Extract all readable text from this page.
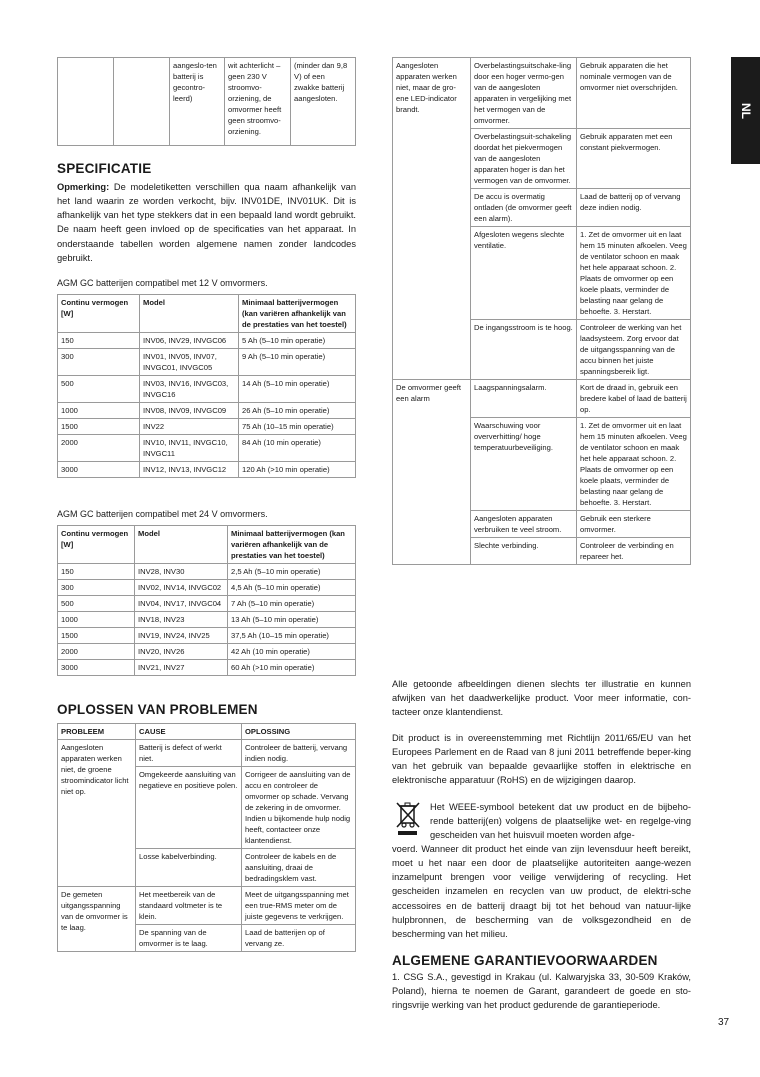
		aangeslo-ten batterij is gecontro-leerd)	wit achterlicht – geen 230 V stroomvo-orziening, de omvormer heeft geen stroomvo-orziening.	(minder dan 9,8 V) of een zwakke batterij aangesloten.
SPECIFICATIE
Opmerking: De modeletiketten verschillen qua naam afhankelijk van het land waarin ze worden verkocht, bijv. INV01DE, INV01UK. Dit is afhankelijk van het type stekkers dat in een bepaald land wordt gebruikt. De naam heeft geen invloed op de specificaties van het apparaat. In onderstaande tabellen worden algemene namen zonder landcodes gebruikt.
AGM GC batterijen compatibel met 12 V omvormers.
Continu vermogen [W]	Model	Minimaal batterijvermogen (kan variëren afhankelijk van de prestaties van het toestel)
150	INV06, INV29, INVGC06	5 Ah (5–10 min operatie)
300	INV01, INV05, INV07, INVGC01, INVGC05	9 Ah (5–10 min operatie)
500	INV03, INV16, INVGC03, INVGC16	14 Ah (5–10 min operatie)
1000	INV08, INV09, INVGC09	26 Ah (5–10 min operatie)
1500	INV22	75 Ah (10–15 min operatie)
2000	INV10, INV11, INVGC10, INVGC11	84 Ah (10 min operatie)
3000	INV12, INV13, INVGC12	120 Ah (>10 min operatie)
AGM GC batterijen compatibel met 24 V omvormers.
Continu vermogen [W]	Model	Minimaal batterijvermogen (kan variëren afhankelijk van de prestaties van het toestel)
150	INV28, INV30	2,5 Ah (5–10 min operatie)
300	INV02, INV14, INVGC02	4,5 Ah (5–10 min operatie)
500	INV04, INV17, INVGC04	7 Ah (5–10 min operatie)
1000	INV18, INV23	13 Ah (5–10 min operatie)
1500	INV19, INV24, INV25	37,5 Ah (10–15 min operatie)
2000	INV20, INV26	42 Ah (10 min operatie)
3000	INV21, INV27	60 Ah (>10 min operatie)
OPLOSSEN VAN PROBLEMEN
PROBLEEM	CAUSE	OPLOSSING
Aangesloten apparaten werken niet, de groene stroomindicator licht niet op.	Batterij is defect of werkt niet.	Controleer de batterij, vervang indien nodig.
	Omgekeerde aansluiting van negatieve en positieve polen.	Corrigeer de aansluiting van de accu en controleer de omvormer op schade. Vervang de zekering in de omvormer. Indien u bijkomende hulp nodig heeft, contacteer onze klantendienst.
	Losse kabelverbinding.	Controleer de kabels en de aansluiting, draai de bedradingsklem vast.
De gemeten uitgangsspanning van de omvormer is te laag.	Het meetbereik van de standaard voltmeter is te klein.	Meet de uitgangsspanning met een true-RMS meter om de juiste gegevens te verkrijgen.
	De spanning van de omvormer is te laag.	Laad de batterijen op of vervang ze.
Aangesloten apparaten werken niet, maar de gro-ene LED-indicator brandt.	Overbelastingsuitschake-ling door een hoger vermo-gen van de aangesloten apparaten in vergelijking met het vermogen van de omvormer.	Gebruik apparaten die het nominale vermogen van de omvormer niet overschrijden.
	Overbelastingsuit-schakeling doordat het piekvermogen van de aangesloten apparaten hoger is dan het vermogen van de omvormer.	Gebruik apparaten met een constant piekvermogen.
	De accu is overmatig ontladen (de omvormer geeft een alarm).	Laad de batterij op of vervang deze indien nodig.
	Afgesloten wegens slechte ventilatie.	1. Zet de omvormer uit en laat hem 15 minuten afkoelen. Veeg de ventilator schoon en maak het hele apparaat schoon. 2. Plaats de omvormer op een koele plaats, verminder de belasting naar gelang de behoefte. 3. Herstart.
	De ingangsstroom is te hoog.	Controleer de werking van het laadsysteem. Zorg ervoor dat de uitgangsspanning van de accu binnen het juiste spanningsbereik ligt.
De omvormer geeft een alarm	Laagspanningsalarm.	Kort de draad in, gebruik een bredere kabel of laad de batterij op.
	Waarschuwing voor oververhitting/ hoge temperatuurbeveiliging.	1. Zet de omvormer uit en laat hem 15 minuten afkoelen. Veeg de ventilator schoon en maak het hele apparaat schoon. 2. Plaats de omvormer op een koele plaats, verminder de belasting naar gelang de behoefte. 3. Herstart.
	Aangesloten apparaten verbruiken te veel stroom.	Gebruik een sterkere omvormer.
	Slechte verbinding.	Controleer de verbinding en repareer het.
Alle getoonde afbeeldingen dienen slechts ter illustratie en kunnen afwijken van het daadwerkelijke product. Voor meer informatie, con-tacteer onze klantendienst.
Dit product is in overeenstemming met Richtlijn 2011/65/EU van het Europees Parlement en de Raad van 8 juni 2011 betreffende beper-king van het gebruik van bepaalde gevaarlijke stoffen in elektrische en elektronische apparatuur (RoHS) en de wijzigingen daarop.
Het WEEE-symbool betekent dat uw product en de bijbeho-rende batterij(en) volgens de plaatselijke wet- en regelge-ving gescheiden van het huisvuil moeten worden afge-
voerd. Wanneer dit product het einde van zijn levensduur heeft bereikt, moet u het naar een door de plaatselijke autoriteiten aange-wezen inzamelpunt brengen voor veilige verwijdering of recycling. Het gescheiden inzamelen en recyclen van uw product, de elektri-sche accessoires en de batterij draagt bij tot het behoud van natuur-lijke hulpbronnen, de bescherming van de volksgezondheid en de bescherming van het milieu.
ALGEMENE GARANTIEVOORWAARDEN
1. CSG S.A., gevestigd in Krakau (ul. Kalwaryjska 33, 30-509 Kraków, Poland), hierna te noemen de Garant, garandeert de goede en sto-ringsvrije werking van het product gedurende de garantieperiode.
NL
37
